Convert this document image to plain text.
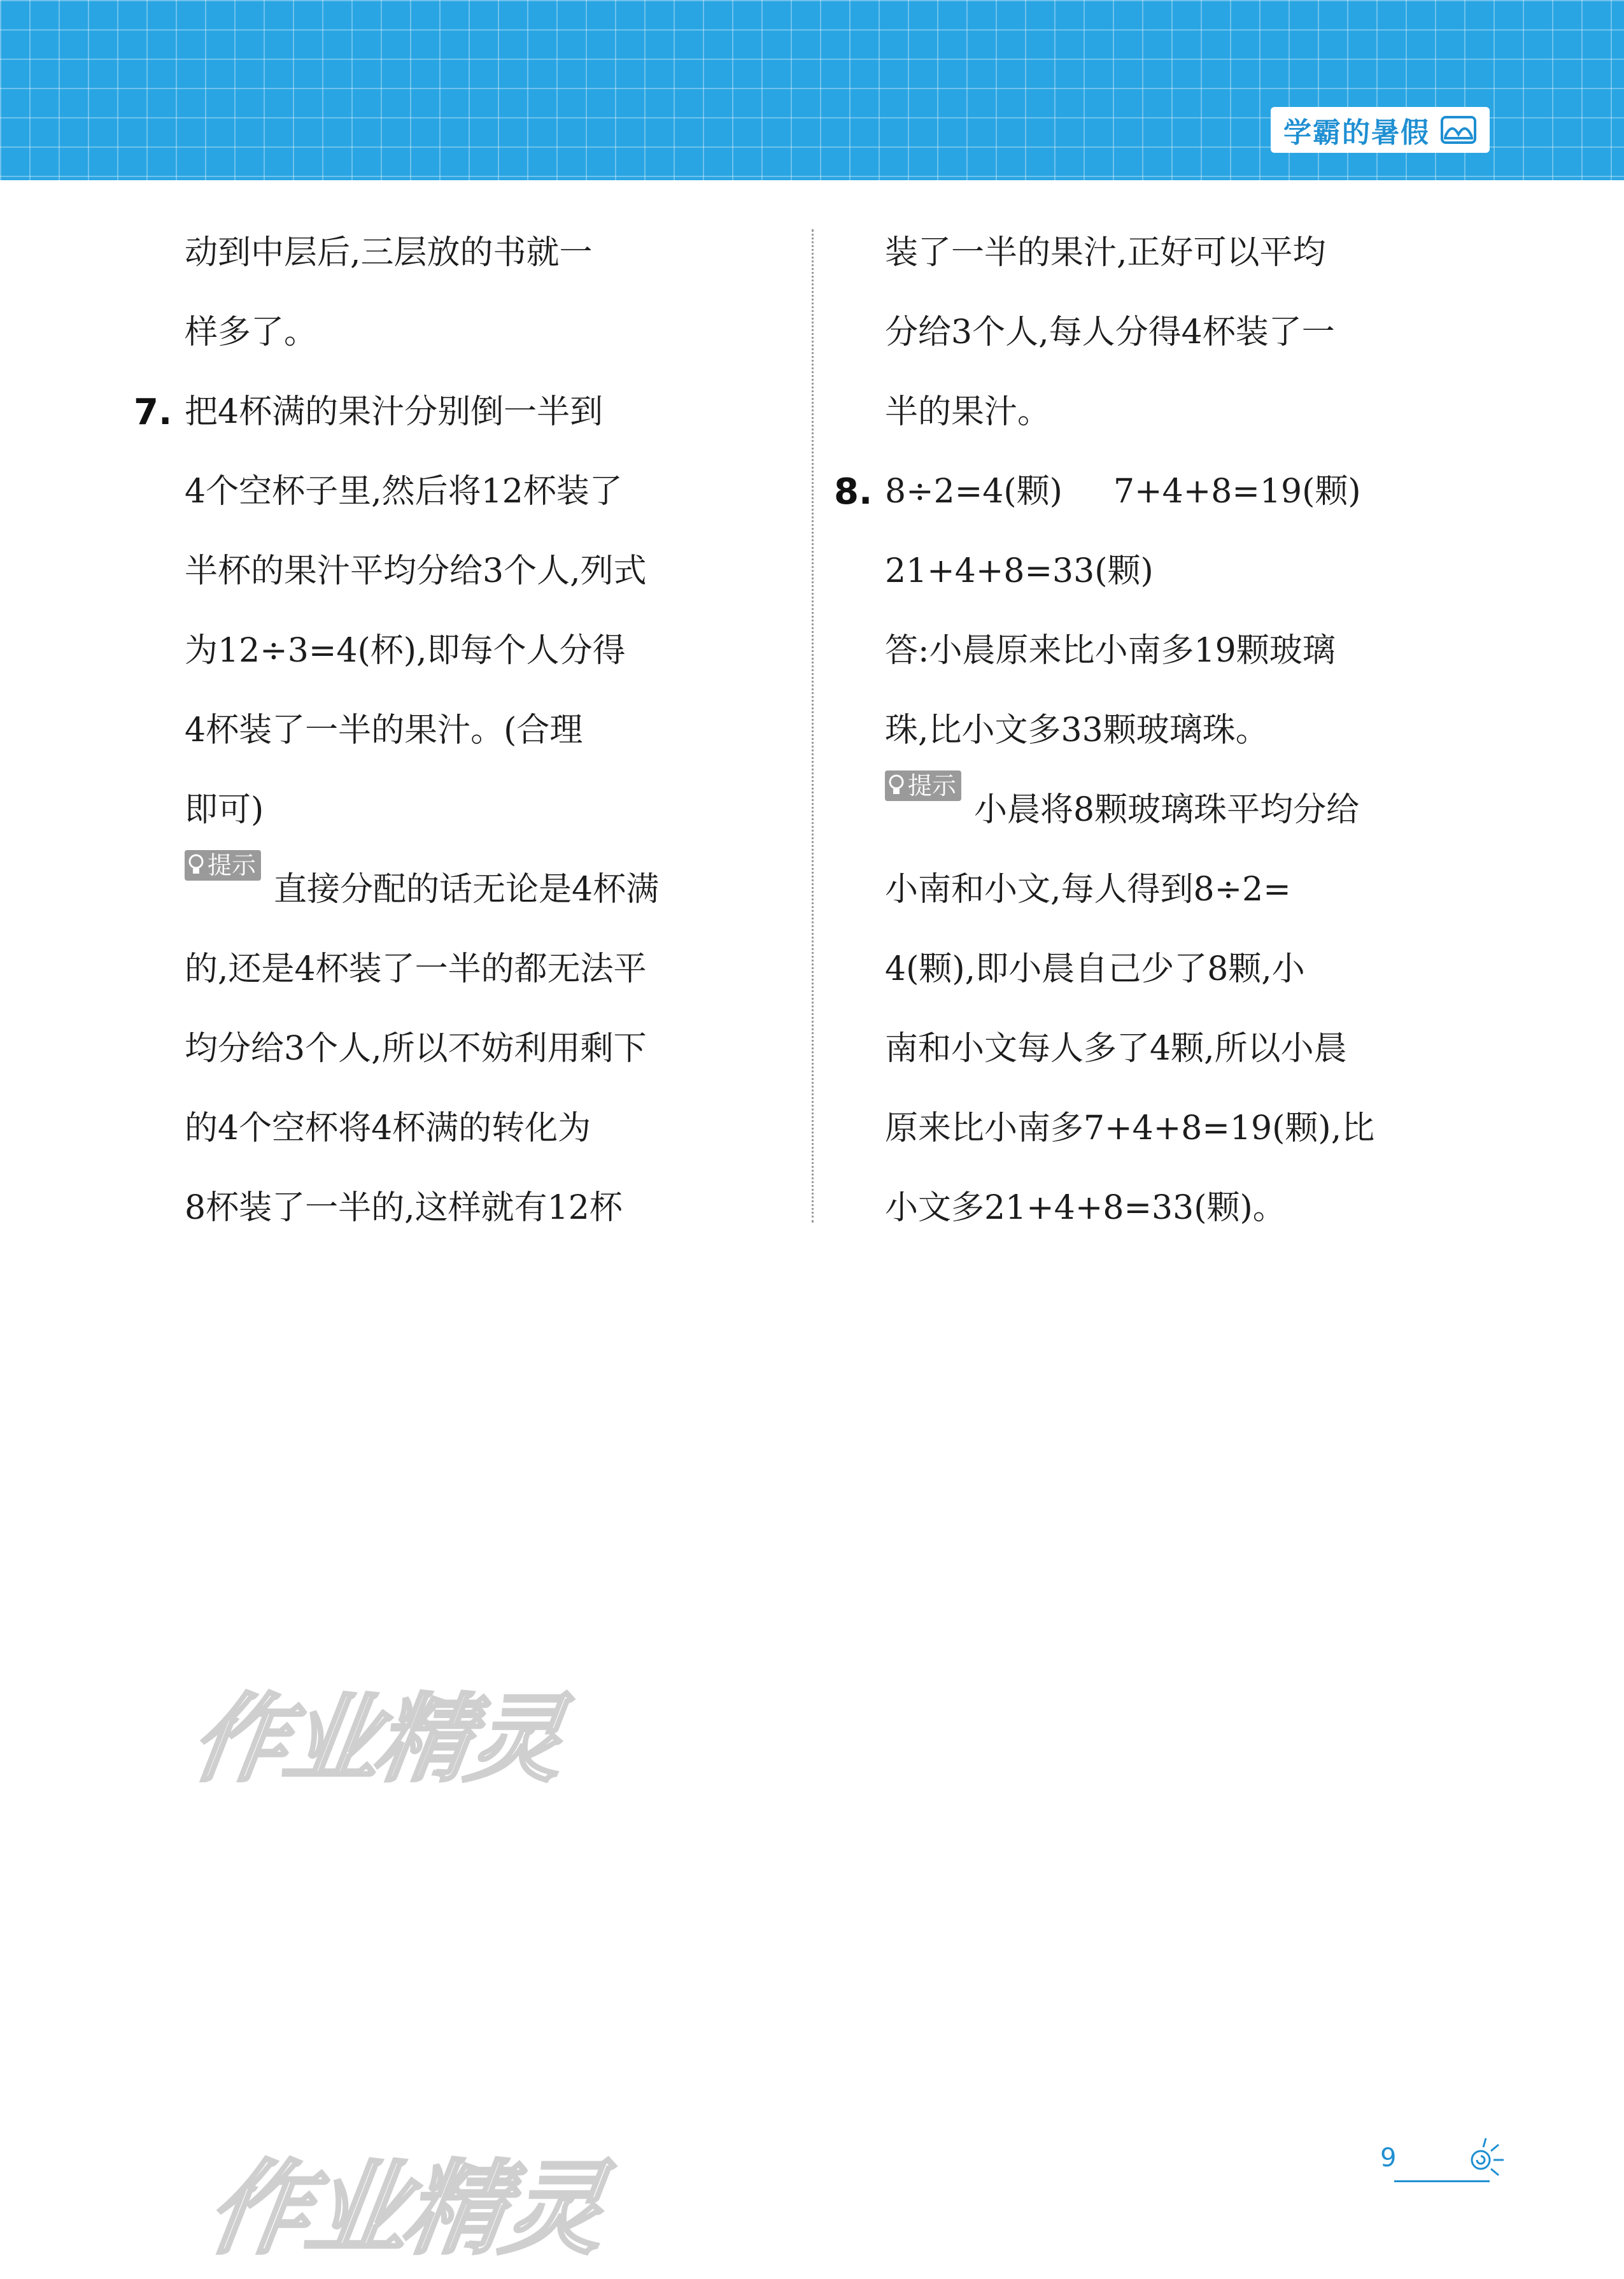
学霸的暑假
动到中层后,三层放的书就一
样多了。
7. 把4杯满的果汁分别倒一半到
4个空杯子里,然后将12杯装了
半杯的果汁平均分给3个人,列式
为12÷3=4(杯),即每个人分得
4杯装了一半的果汁。(合理
即可)
提示
直接分配的话无论是4杯满
的,还是4杯装了一半的都无法平
均分给3个人,所以不妨利用剩下
的4个空杯将4杯满的转化为
8杯装了一半的,这样就有12杯
装了一半的果汁,正好可以平均
分给3个人,每人分得4杯装了一
半的果汁。
8. 8÷2=4(颗) 7+4+8=19(颗)
21+4+8=33(颗)
答:小晨原来比小南多19颗玻璃
珠,比小文多33颗玻璃珠。
提示
小晨将8颗玻璃珠平均分给
小南和小文,每人得到8÷2=
4(颗),即小晨自己少了8颗,小
南和小文每人多了4颗,所以小晨
原来比小南多7+4+8=19(颗),比
小文多21+4+8=33(颗)。
作业精灵
作业精灵	9
